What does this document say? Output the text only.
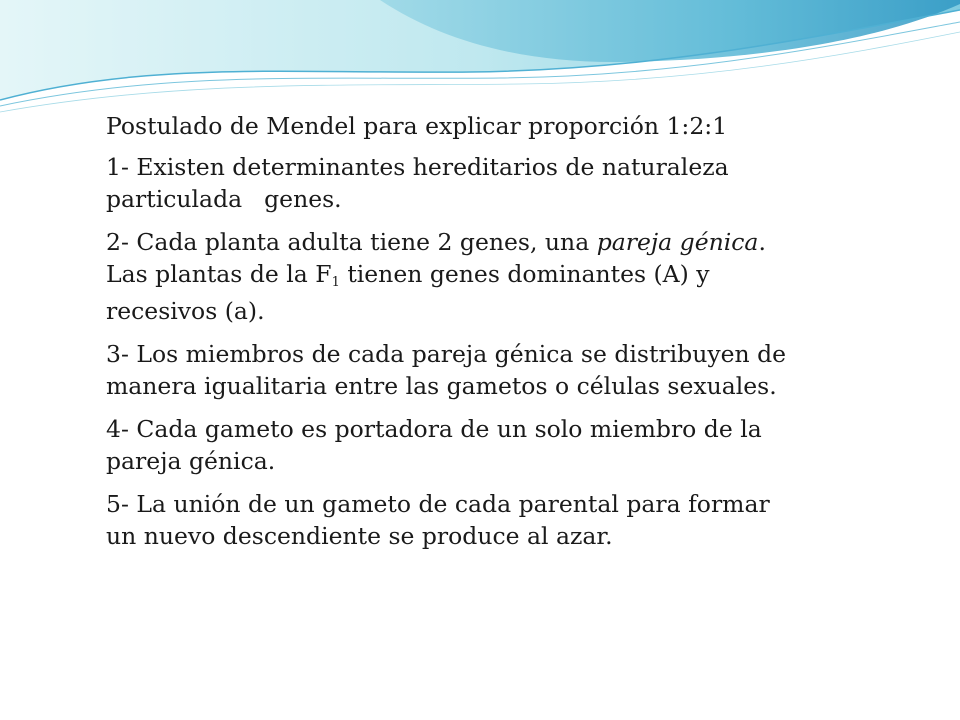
Postulado de Mendel para explicar proporción 1:2:1

1- Existen determinantes hereditarios de naturaleza
particulada genes.

2- Cada planta adulta tiene 2 genes, una pareja génica.
Las plantas de la $F_1$ tienen genes dominantes (A) y
recesivos (a).

3- Los miembros de cada pareja génica se distribuyen de
manera igualitaria entre las gametos o células sexuales.

4- Cada gameto es portadora de un solo miembro de la
pareja génica.

5- La unión de un gameto de cada parental para formar
un nuevo descendiente se produce al azar.
